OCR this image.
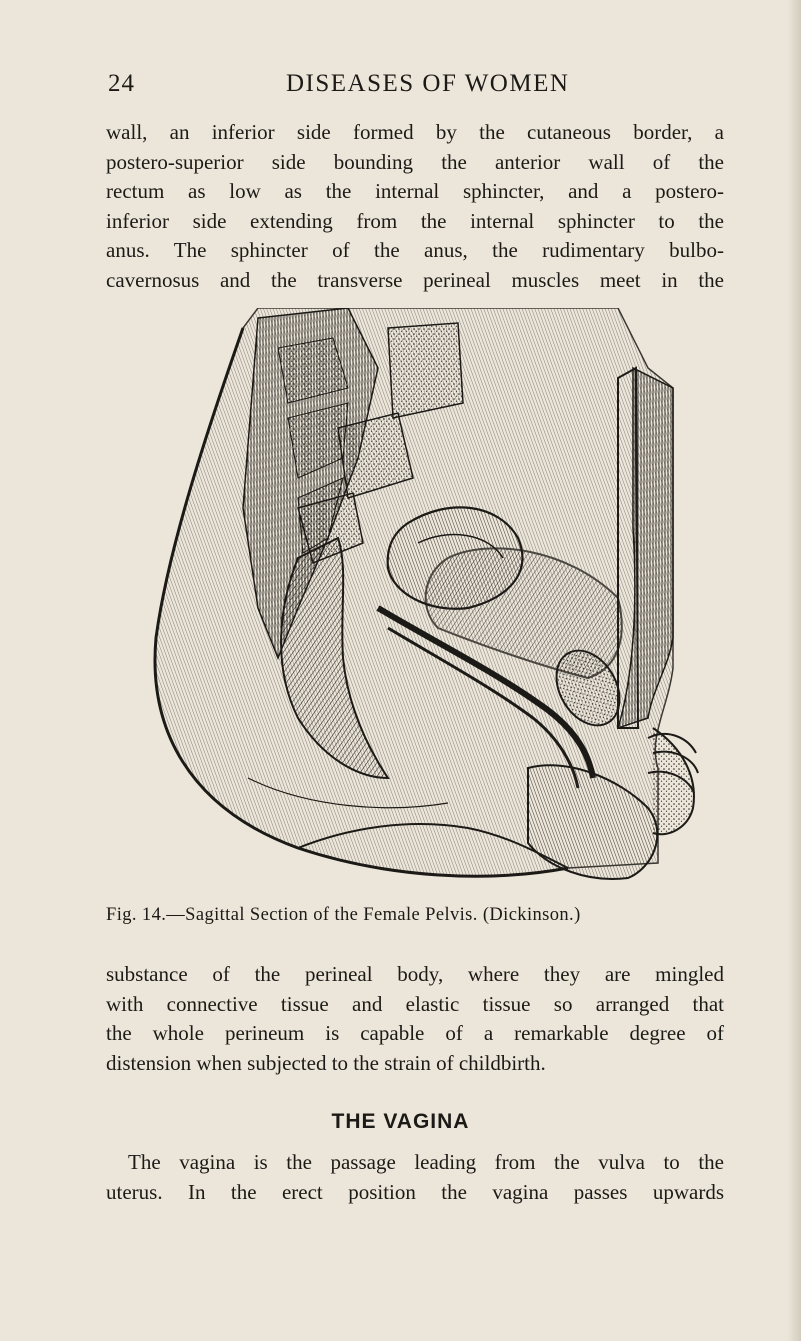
24	DISEASES OF WOMEN
wall, an inferior side formed by the cutaneous border, a
postero-superior side bounding the anterior wall of the
rectum as low as the internal sphincter, and a postero-
inferior side extending from the internal sphincter to the
anus. The sphincter of the anus, the rudimentary bulbo-
cavernosus and the transverse perineal muscles meet in the
Fig. 14.—Sagittal Section of the Female Pelvis. (Dickinson.)
substance of the perineal body, where they are mingled
with connective tissue and elastic tissue so arranged that
the whole perineum is capable of a remarkable degree of
distension when subjected to the strain of childbirth.
THE VAGINA
The vagina is the passage leading from the vulva to the
uterus. In the erect position the vagina passes upwards
